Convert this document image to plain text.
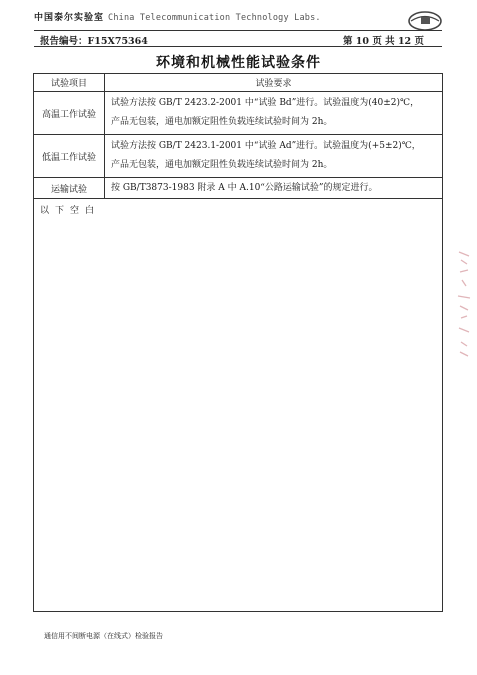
中国泰尔实验室 China Telecommunication Technology Labs.
报告编号：F15X75364	第 10 页 共 12 页
环境和机械性能试验条件
试验项目	试验要求
高温工作试验	试验方法按 GB/T 2423.2-2001 中“试验 Bd”进行。试验温度为(40±2)℃，
产品无包装，通电加额定阻性负载连续试验时间为 2h。

低温工作试验	试验方法按 GB/T 2423.1-2001 中“试验 Ad”进行。试验温度为(+5±2)℃，
产品无包装，通电加额定阻性负载连续试验时间为 2h。

运输试验	按 GB/T3873-1983 附录 A 中 A.10“公路运输试验”的规定进行。

以下空白	
通信用不间断电源（在线式）检验报告
